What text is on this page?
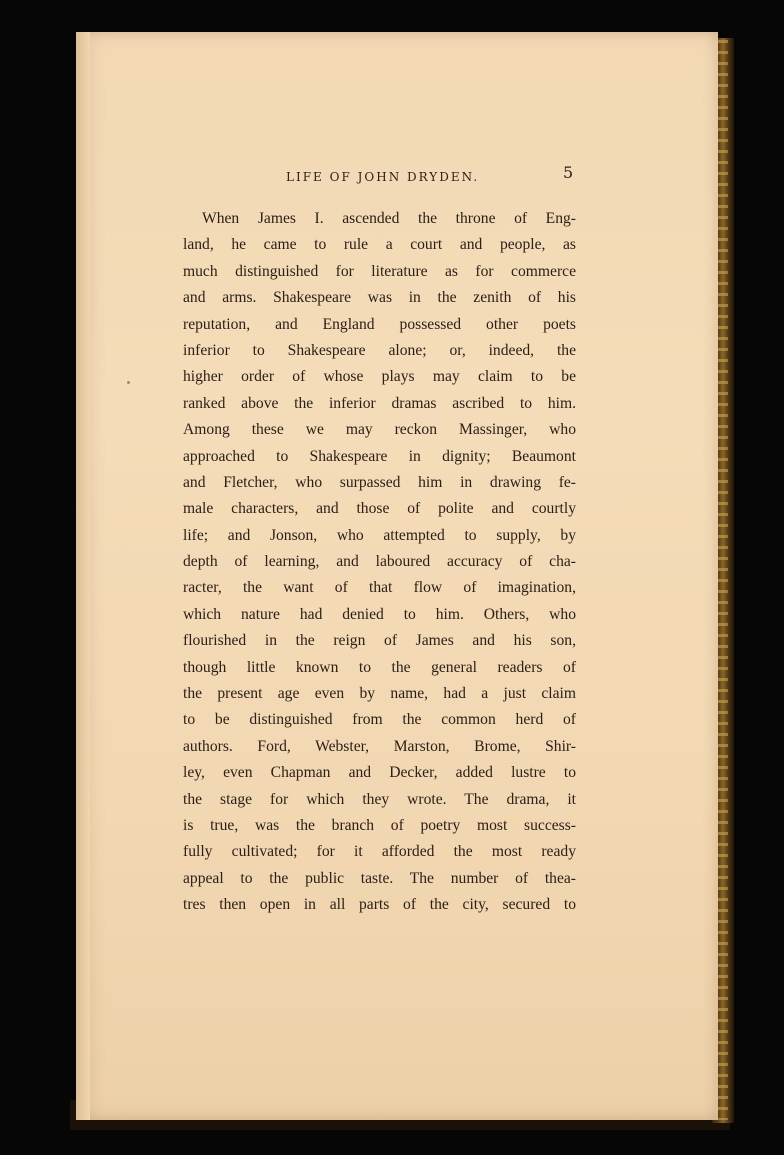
LIFE OF JOHN DRYDEN.	5
When James I. ascended the throne of Eng-
land, he came to rule a court and people, as
much distinguished for literature as for commerce
and arms. Shakespeare was in the zenith of his
reputation, and England possessed other poets
inferior to Shakespeare alone; or, indeed, the
higher order of whose plays may claim to be
ranked above the inferior dramas ascribed to him.
Among these we may reckon Massinger, who
approached to Shakespeare in dignity; Beaumont
and Fletcher, who surpassed him in drawing fe-
male characters, and those of polite and courtly
life; and Jonson, who attempted to supply, by
depth of learning, and laboured accuracy of cha-
racter, the want of that flow of imagination,
which nature had denied to him. Others, who
flourished in the reign of James and his son,
though little known to the general readers of
the present age even by name, had a just claim
to be distinguished from the common herd of
authors. Ford, Webster, Marston, Brome, Shir-
ley, even Chapman and Decker, added lustre to
the stage for which they wrote. The drama, it
is true, was the branch of poetry most success-
fully cultivated; for it afforded the most ready
appeal to the public taste. The number of thea-
tres then open in all parts of the city, secured to
